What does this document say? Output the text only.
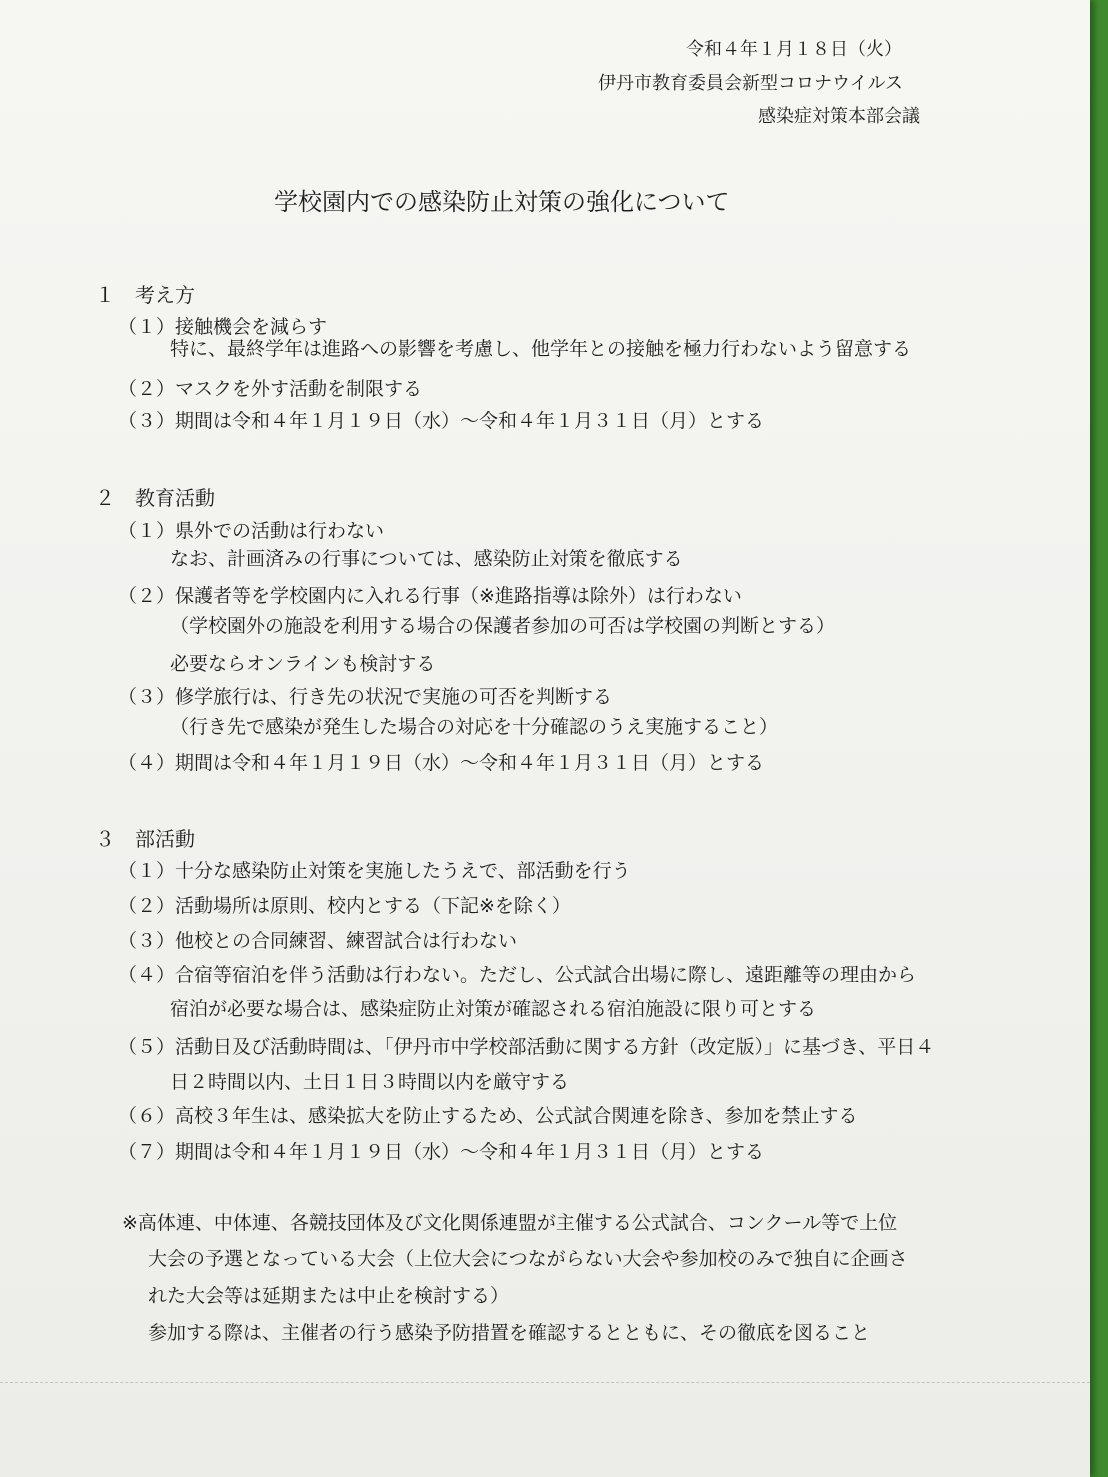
令和４年１月１８日（火）
伊丹市教育委員会新型コロナウイルス
感染症対策本部会議
学校園内での感染防止対策の強化について
１　考え方
（１）接触機会を減らす
特に、最終学年は進路への影響を考慮し、他学年との接触を極力行わないよう留意する
（２）マスクを外す活動を制限する
（３）期間は令和４年１月１９日（水）～令和４年１月３１日（月）とする
２　教育活動
（１）県外での活動は行わない
なお、計画済みの行事については、感染防止対策を徹底する
（２）保護者等を学校園内に入れる行事（※進路指導は除外）は行わない
（学校園外の施設を利用する場合の保護者参加の可否は学校園の判断とする）
必要ならオンラインも検討する
（３）修学旅行は、行き先の状況で実施の可否を判断する
（行き先で感染が発生した場合の対応を十分確認のうえ実施すること）
（４）期間は令和４年１月１９日（水）～令和４年１月３１日（月）とする
３　部活動
（１）十分な感染防止対策を実施したうえで、部活動を行う
（２）活動場所は原則、校内とする（下記※を除く）
（３）他校との合同練習、練習試合は行わない
（４）合宿等宿泊を伴う活動は行わない。ただし、公式試合出場に際し、遠距離等の理由から
宿泊が必要な場合は、感染症防止対策が確認される宿泊施設に限り可とする
（５）活動日及び活動時間は、「伊丹市中学校部活動に関する方針（改定版）」に基づき、平日４
日２時間以内、土日１日３時間以内を厳守する
（６）高校３年生は、感染拡大を防止するため、公式試合関連を除き、参加を禁止する
（７）期間は令和４年１月１９日（水）～令和４年１月３１日（月）とする
※高体連、中体連、各競技団体及び文化関係連盟が主催する公式試合、コンクール等で上位
大会の予選となっている大会（上位大会につながらない大会や参加校のみで独自に企画さ
れた大会等は延期または中止を検討する）
参加する際は、主催者の行う感染予防措置を確認するとともに、その徹底を図ること
